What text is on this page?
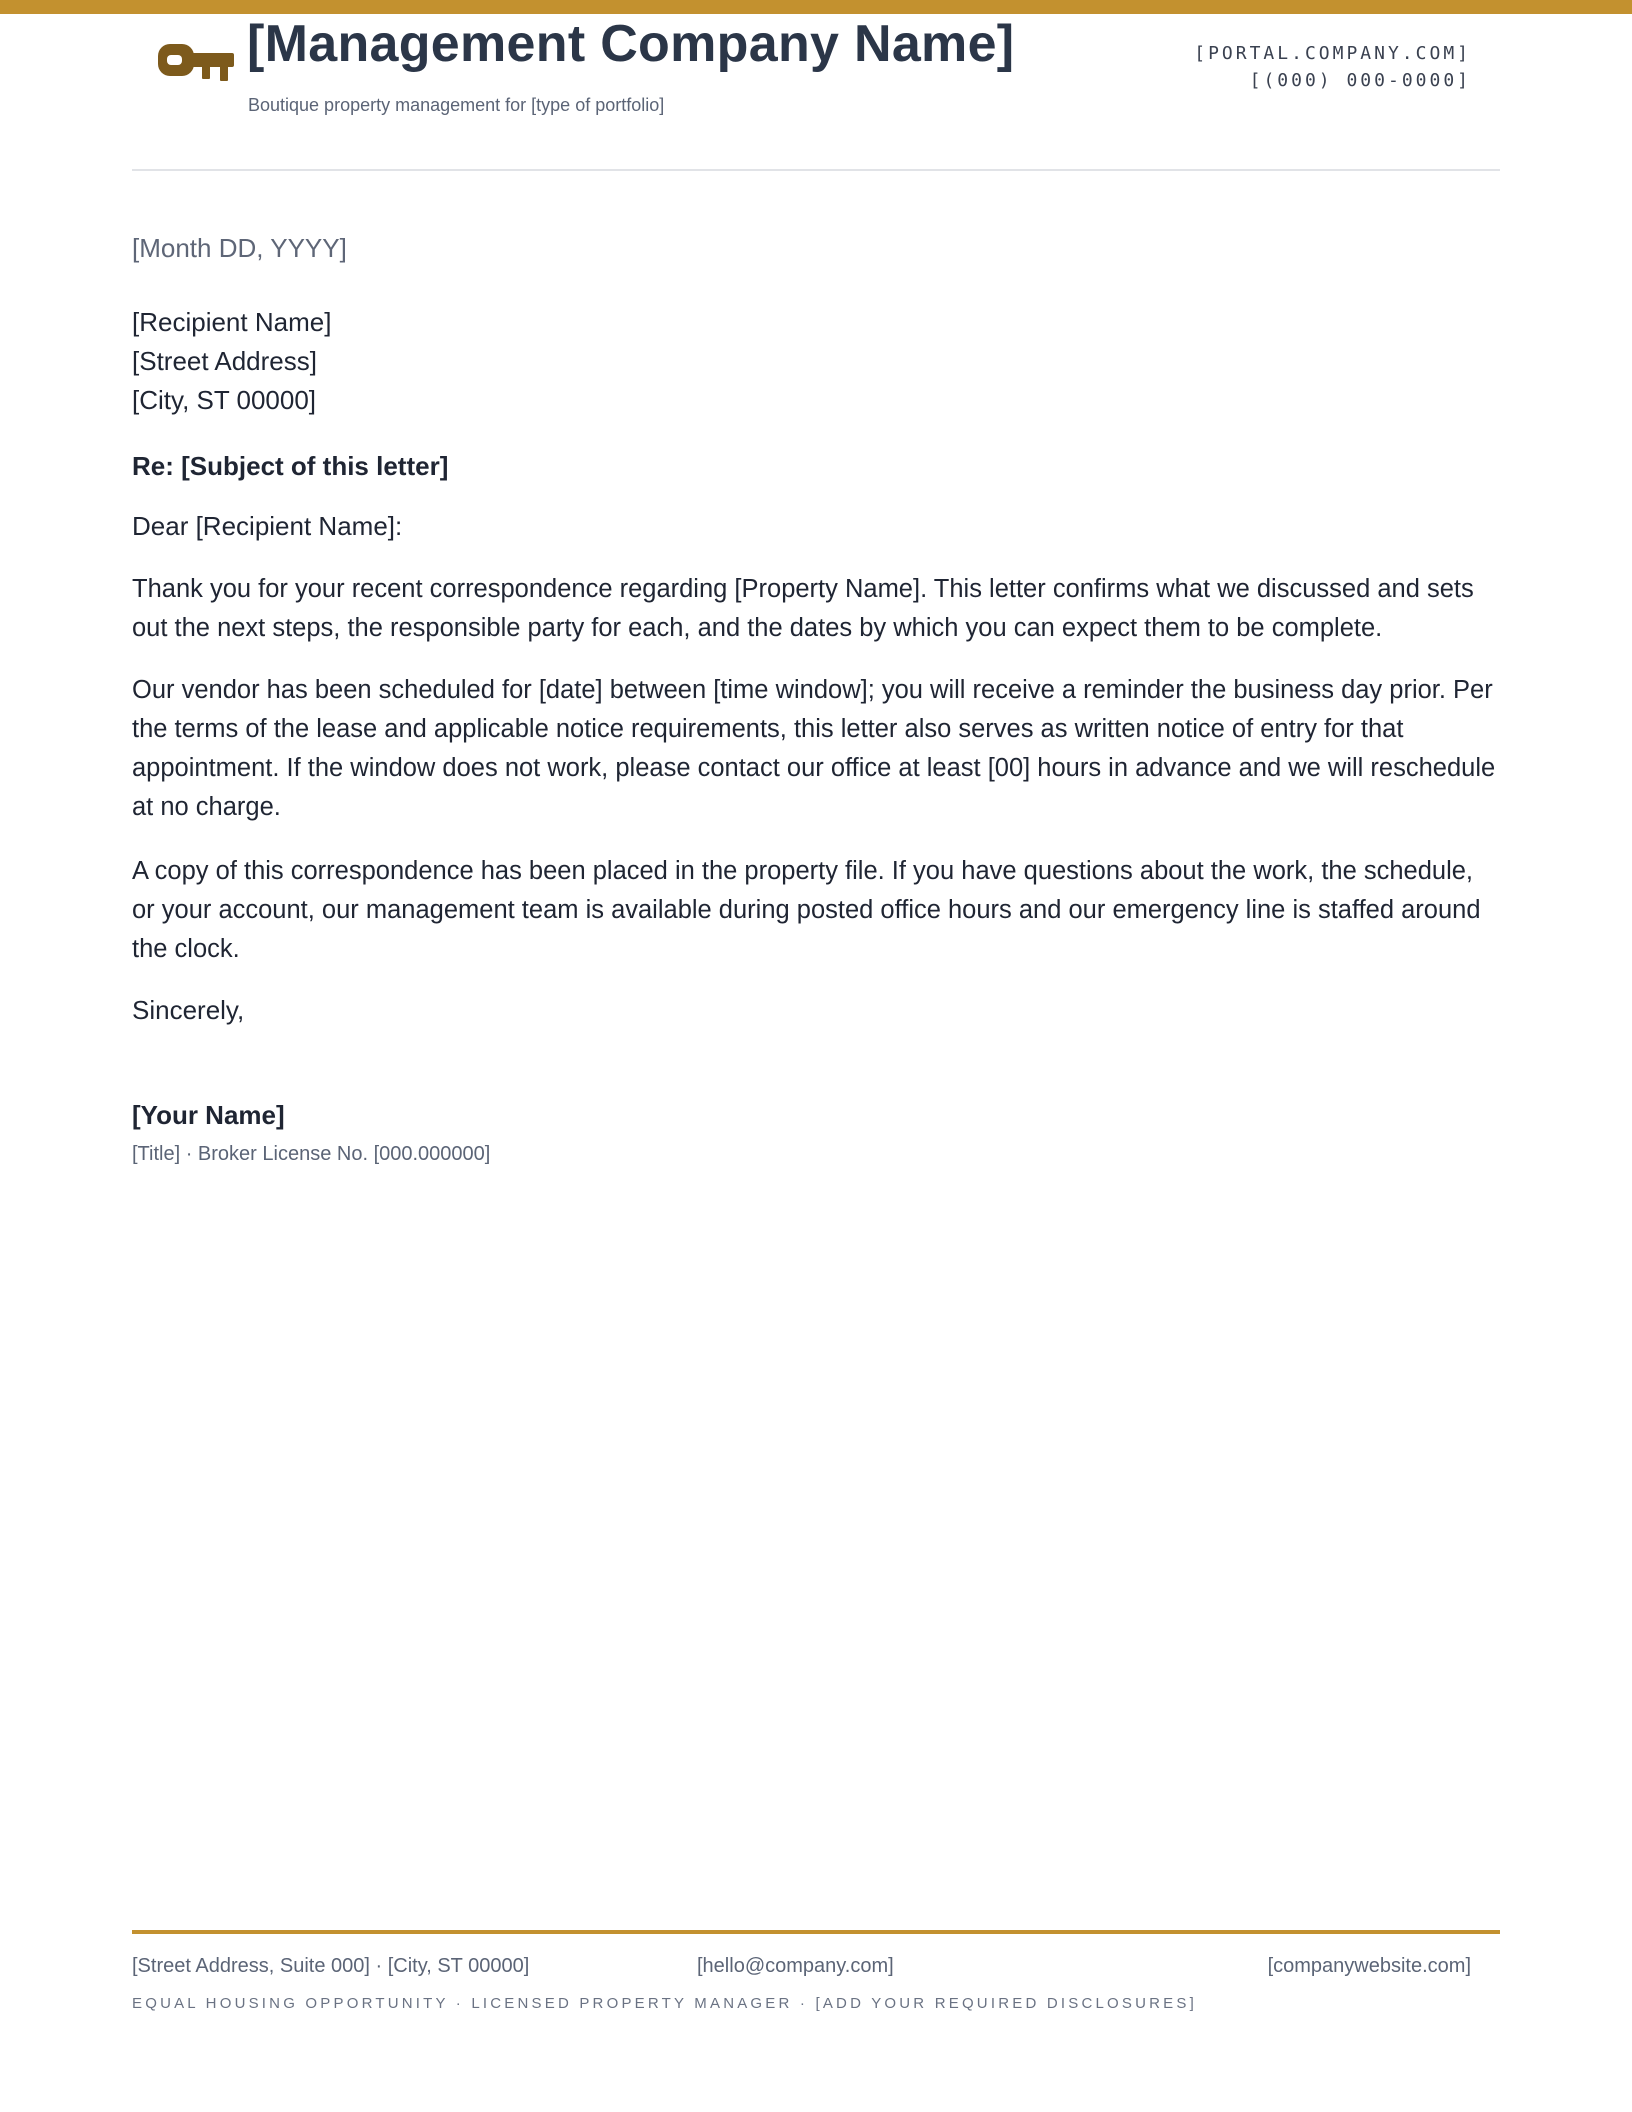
[Management Company Name]
Boutique property management for [type of portfolio]
[PORTAL.COMPANY.COM]
[(000) 000-0000]
[Month DD, YYYY]
[Recipient Name]
[Street Address]
[City, ST 00000]
Re: [Subject of this letter]
Dear [Recipient Name]:
Thank you for your recent correspondence regarding [Property Name]. This letter confirms what we discussed and sets out the next steps, the responsible party for each, and the dates by which you can expect them to be complete.
Our vendor has been scheduled for [date] between [time window]; you will receive a reminder the business day prior. Per the terms of the lease and applicable notice requirements, this letter also serves as written notice of entry for that appointment. If the window does not work, please contact our office at least [00] hours in advance and we will reschedule at no charge.
A copy of this correspondence has been placed in the property file. If you have questions about the work, the schedule, or your account, our management team is available during posted office hours and our emergency line is staffed around the clock.
Sincerely,
[Your Name]
[Title] · Broker License No. [000.000000]
[Street Address, Suite 000] · [City, ST 00000]	[hello@company.com]	[companywebsite.com]
EQUAL HOUSING OPPORTUNITY · LICENSED PROPERTY MANAGER · [ADD YOUR REQUIRED DISCLOSURES]
